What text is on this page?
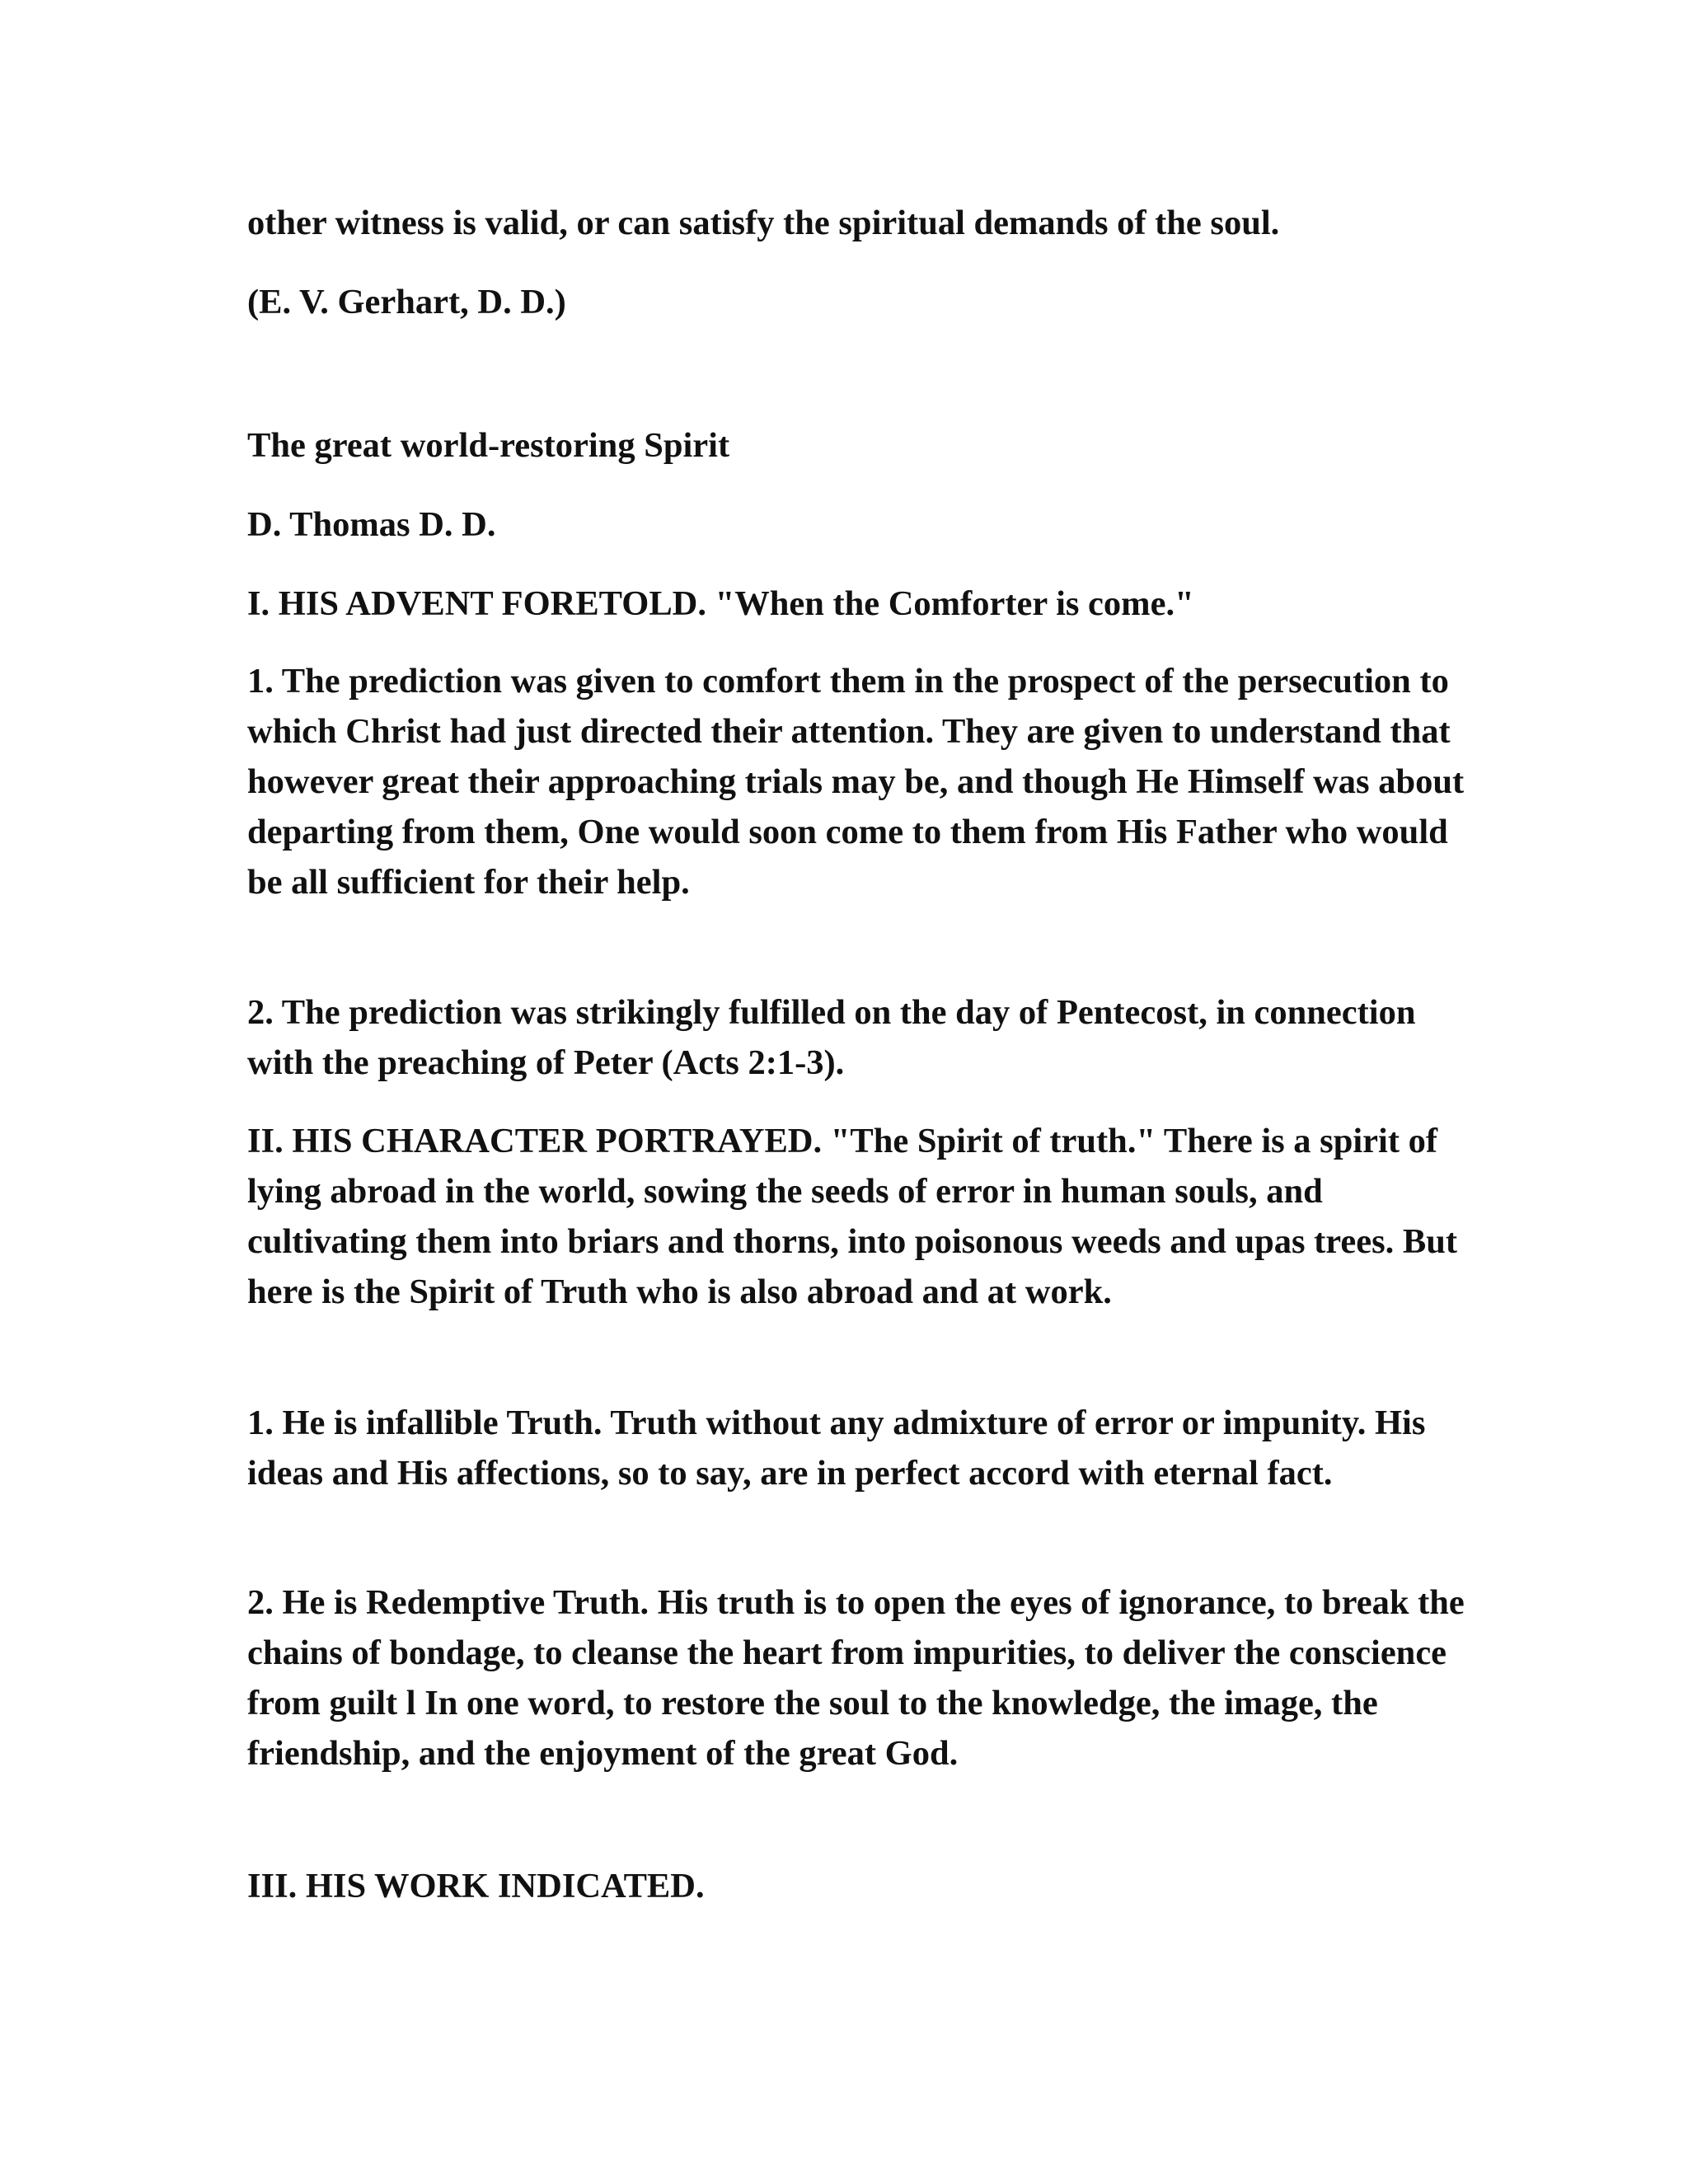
other witness is valid, or can satisfy the spiritual demands of the soul.

(E. V. Gerhart, D. D.)

The great world-restoring Spirit

D. Thomas D. D.

I. HIS ADVENT FORETOLD. "When the Comforter is come."

1. The prediction was given to comfort them in the prospect of the persecution to which Christ had just directed their attention. They are given to understand that however great their approaching trials may be, and though He Himself was about departing from them, One would soon come to them from His Father who would be all sufficient for their help.

2. The prediction was strikingly fulfilled on the day of Pentecost, in connection with the preaching of Peter (Acts 2:1-3).

II. HIS CHARACTER PORTRAYED. "The Spirit of truth." There is a spirit of lying abroad in the world, sowing the seeds of error in human souls, and cultivating them into briars and thorns, into poisonous weeds and upas trees. But here is the Spirit of Truth who is also abroad and at work.

1. He is infallible Truth. Truth without any admixture of error or impunity. His ideas and His affections, so to say, are in perfect accord with eternal fact.

2. He is Redemptive Truth. His truth is to open the eyes of ignorance, to break the chains of bondage, to cleanse the heart from impurities, to deliver the conscience from guilt l In one word, to restore the soul to the knowledge, the image, the friendship, and the enjoyment of the great God.

III. HIS WORK INDICATED.
